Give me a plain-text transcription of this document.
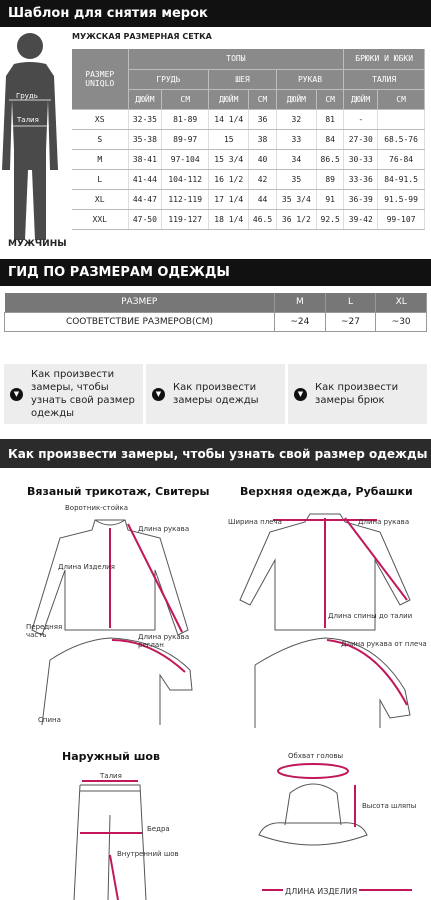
Шаблон для снятия мерок
Грудь
Талия
МУЖЧИНЫ
МУЖСКАЯ РАЗМЕРНАЯ СЕТКА
РАЗМЕР
UNIQLO	ТОПЫ						БРЮКИ И ЮБКИ	
	ГРУДЬ		ШЕЯ		РУКАВ		ТАЛИЯ	
	ДЮЙМ	СМ	ДЮЙМ	СМ	ДЮЙМ	СМ	ДЮЙМ	СМ
XS	32-35	81-89	14 1/4	36	32	81	-	
S	35-38	89-97	15	38	33	84	27-30	68.5-76
M	38-41	97-104	15 3/4	40	34	86.5	30-33	76-84
L	41-44	104-112	16 1/2	42	35	89	33-36	84-91.5
XL	44-47	112-119	17 1/4	44	35 3/4	91	36-39	91.5-99
XXL	47-50	119-127	18 1/4	46.5	36 1/2	92.5	39-42	99-107
ГИД ПО РАЗМЕРАМ ОДЕЖДЫ
РАЗМЕР	M	L	XL
СООТВЕТСТВИЕ РАЗМЕРОВ(СМ)	~24	~27	~30
▼
Как произвести замеры, чтобы узнать свой размер одежды
▼
Как произвести замеры одежды
▼
Как произвести замеры брюк
Как произвести замеры, чтобы узнать свой размер одежды
Вязаный трикотаж, Свитеры
Воротник-стойка
Длина рукава
Длина Изделия
Передняя часть	Длина рукава реглан
Спина
Верхняя одежда, Рубашки
Ширина плеча	Длина рукава
Длина спины до талии
Длина рукава от плеча
Наружный шов
Талия
Бедра
Внутренний шов
Обхват головы
Высота шляпы
ДЛИНА ИЗДЕЛИЯ
